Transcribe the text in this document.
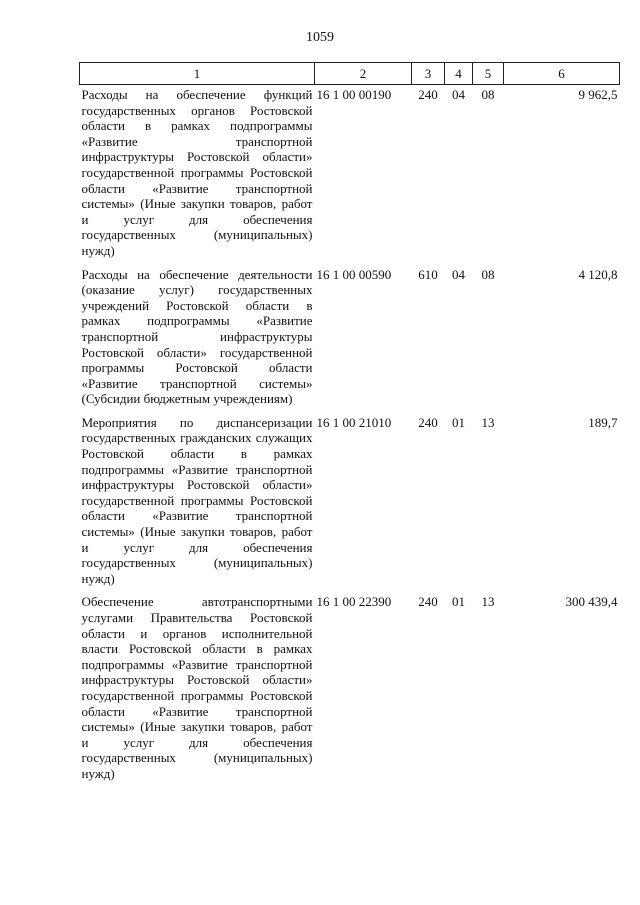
1059
1	2	3	4	5	6
Расходы на обеспечение функций государственных органов Ростовской области в рамках подпрограммы «Развитие транспортной инфраструктуры Ростовской области» государственной программы Ростовской области «Развитие транспортной системы» (Иные закупки товаров, работ и услуг для обеспечения государственных (муниципальных) нужд)	16 1 00 00190	240	04	08	9 962,5
Расходы на обеспечение деятельности (оказание услуг) государственных учреждений Ростовской области в рамках подпрограммы «Развитие транспортной инфраструктуры Ростовской области» государственной программы Ростовской области «Развитие транспортной системы» (Субсидии бюджетным учреждениям)	16 1 00 00590	610	04	08	4 120,8
Мероприятия по диспансеризации государственных гражданских служащих Ростовской области в рамках подпрограммы «Развитие транспортной инфраструктуры Ростовской области» государственной программы Ростовской области «Развитие транспортной системы» (Иные закупки товаров, работ и услуг для обеспечения государственных (муниципальных) нужд)	16 1 00 21010	240	01	13	189,7
Обеспечение автотранспортными услугами Правительства Ростовской области и органов исполнительной власти Ростовской области в рамках подпрограммы «Развитие транспортной инфраструктуры Ростовской области» государственной программы Ростовской области «Развитие транспортной системы» (Иные закупки товаров, работ и услуг для обеспечения государственных (муниципальных) нужд)	16 1 00 22390	240	01	13	300 439,4
